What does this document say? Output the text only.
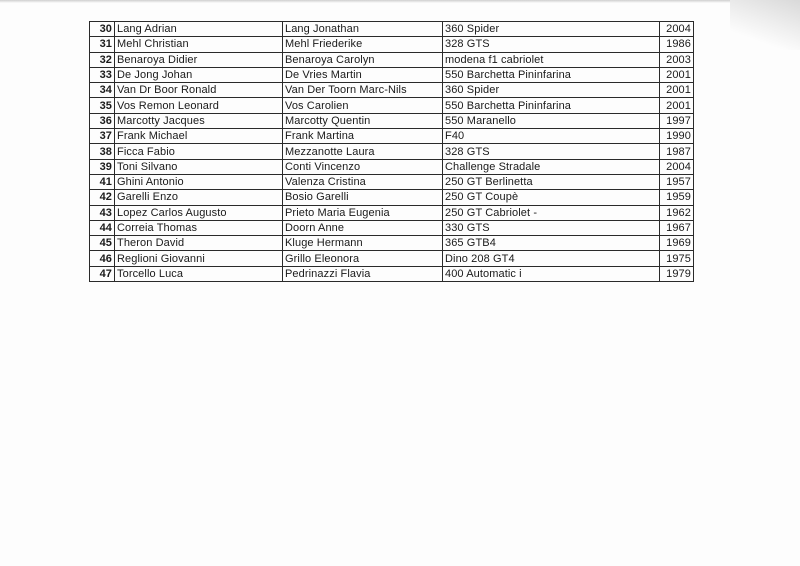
30	Lang Adrian	Lang Jonathan	360 Spider	2004
31	Mehl Christian	Mehl Friederike	328 GTS	1986
32	Benaroya Didier	Benaroya Carolyn	modena f1 cabriolet	2003
33	De Jong Johan	De Vries Martin	550 Barchetta Pininfarina	2001
34	Van Dr Boor Ronald	Van Der Toorn Marc-Nils	360 Spider	2001
35	Vos Remon Leonard	Vos Carolien	550 Barchetta Pininfarina	2001
36	Marcotty Jacques	Marcotty Quentin	550 Maranello	1997
37	Frank Michael	Frank Martina	F40	1990
38	Ficca Fabio	Mezzanotte Laura	328 GTS	1987
39	Toni Silvano	Conti Vincenzo	Challenge Stradale	2004
41	Ghini Antonio	Valenza Cristina	250 GT Berlinetta	1957
42	Garelli Enzo	Bosio Garelli	250 GT Coupè	1959
43	Lopez Carlos Augusto	Prieto Maria Eugenia	250 GT Cabriolet -	1962
44	Correia Thomas	Doorn Anne	330 GTS	1967
45	Theron David	Kluge Hermann	365 GTB4	1969
46	Reglioni Giovanni	Grillo Eleonora	Dino 208 GT4	1975
47	Torcello Luca	Pedrinazzi Flavia	400 Automatic i	1979
